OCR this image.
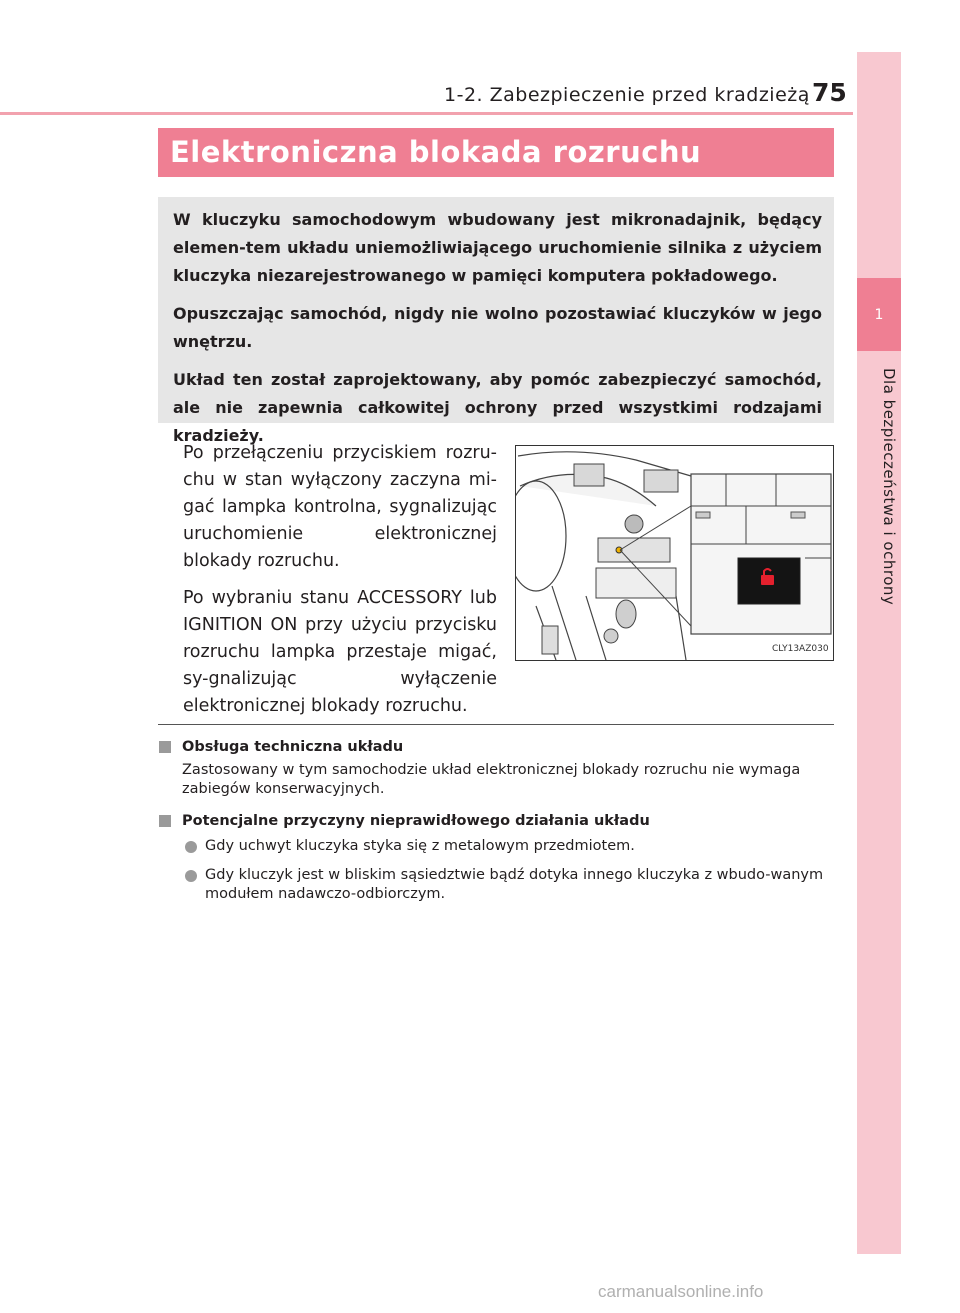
1-2. Zabezpieczenie przed kradzieżą 75
1
Dla bezpieczeństwa i ochrony
Elektroniczna blokada rozruchu

W kluczyku samochodowym wbudowany jest mikronadajnik, będący elemen-tem układu uniemożliwiającego uruchomienie silnika z użyciem kluczyka niezarejestrowanego w pamięci komputera pokładowego.

Opuszczając samochód, nigdy nie wolno pozostawiać kluczyków w jego wnętrzu.

Układ ten został zaprojektowany, aby pomóc zabezpieczyć samochód, ale nie zapewnia całkowitej ochrony przed wszystkimi rodzajami kradzieży.

Po przełączeniu przyciskiem rozru-chu w stan wyłączony zaczyna mi-gać lampka kontrolna, sygnalizując uruchomienie elektronicznej blokady rozruchu.

Po wybraniu stanu ACCESSORY lub IGNITION ON przy użyciu przycisku rozruchu lampka przestaje migać, sy-gnalizując wyłączenie elektronicznej blokady rozruchu.

CLY13AZ030
Obsługa techniczna układu
Zastosowany w tym samochodzie układ elektronicznej blokady rozruchu nie wymaga zabiegów konserwacyjnych.
Potencjalne przyczyny nieprawidłowego działania układu
Gdy uchwyt kluczyka styka się z metalowym przedmiotem.
Gdy kluczyk jest w bliskim sąsiedztwie bądź dotyka innego kluczyka z wbudo-wanym modułem nadawczo-odbiorczym.
carmanualsonline.info
